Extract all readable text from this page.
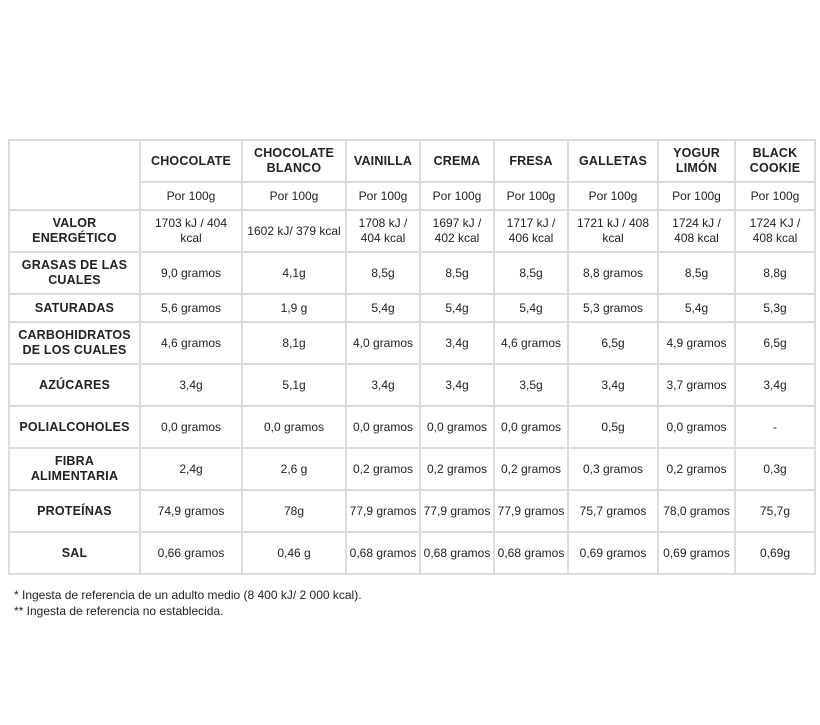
	CHOCOLATE	CHOCOLATE BLANCO	VAINILLA	CREMA	FRESA	GALLETAS	YOGUR LIMÓN	BLACK COOKIE
	Por 100g	Por 100g	Por 100g	Por 100g	Por 100g	Por 100g	Por 100g	Por 100g
VALOR ENERGÉTICO	1703 kJ / 404 kcal	1602 kJ/ 379 kcal	1708 kJ / 404 kcal	1697 kJ / 402 kcal	1717 kJ / 406 kcal	1721 kJ / 408 kcal	1724 kJ / 408 kcal	1724 KJ / 408 kcal
GRASAS DE LAS CUALES	9,0 gramos	4,1g	8,5g	8,5g	8,5g	8,8 gramos	8,5g	8,8g
SATURADAS	5,6 gramos	1,9 g	5,4g	5,4g	5,4g	5,3 gramos	5,4g	5,3g
CARBOHIDRATOS DE LOS CUALES	4,6 gramos	8,1g	4,0 gramos	3,4g	4,6 gramos	6,5g	4,9 gramos	6,5g
AZÚCARES	3,4g	5,1g	3,4g	3,4g	3,5g	3,4g	3,7 gramos	3,4g
POLIALCOHOLES	0,0 gramos	0,0 gramos	0,0 gramos	0,0 gramos	0,0 gramos	0,5g	0,0 gramos	-
FIBRA ALIMENTARIA	2,4g	2,6 g	0,2 gramos	0,2 gramos	0,2 gramos	0,3 gramos	0,2 gramos	0,3g
PROTEÍNAS	74,9 gramos	78g	77,9 gramos	77,9 gramos	77,9 gramos	75,7 gramos	78,0 gramos	75,7g
SAL	0,66 gramos	0,46 g	0,68 gramos	0,68 gramos	0,68 gramos	0,69 gramos	0,69 gramos	0,69g
* Ingesta de referencia de un adulto medio (8 400 kJ/ 2 000 kcal).
** Ingesta de referencia no establecida.
